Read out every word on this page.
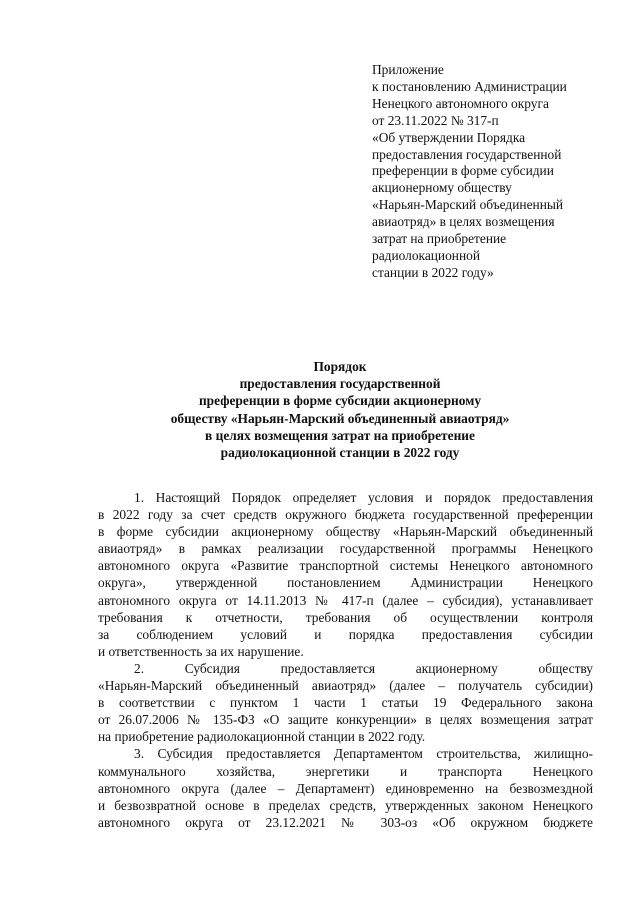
Приложение
к постановлению Администрации
Ненецкого автономного округа
от 23.11.2022 № 317-п
«Об утверждении Порядка
предоставления государственной
преференции в форме субсидии
акционерному обществу
«Нарьян-Марский объединенный
авиаотряд» в целях возмещения
затрат на приобретение
радиолокационной
станции в 2022 году»
Порядок
предоставления государственной
преференции в форме субсидии акционерному
обществу «Нарьян-Марский объединенный авиаотряд»
в целях возмещения затрат на приобретение
радиолокационной станции в 2022 году
1. Настоящий Порядок определяет условия и порядок предоставления
в 2022 году за счет средств окружного бюджета государственной преференции
в форме субсидии акционерному обществу «Нарьян-Марский объединенный
авиаотряд» в рамках реализации государственной программы Ненецкого
автономного округа «Развитие транспортной системы Ненецкого автономного
округа», утвержденной постановлением Администрации Ненецкого
автономного округа от 14.11.2013 № 417-п (далее – субсидия), устанавливает
требования к отчетности, требования об осуществлении контроля
за соблюдением условий и порядка предоставления субсидии
и ответственность за их нарушение.
2. Субсидия предоставляется акционерному обществу
«Нарьян-Марский объединенный авиаотряд» (далее – получатель субсидии)
в соответствии с пунктом 1 части 1 статьи 19 Федерального закона
от 26.07.2006 № 135-ФЗ «О защите конкуренции» в целях возмещения затрат
на приобретение радиолокационной станции в 2022 году.
3. Субсидия предоставляется Департаментом строительства, жилищно-
коммунального хозяйства, энергетики и транспорта Ненецкого
автономного округа (далее – Департамент) единовременно на безвозмездной
и безвозвратной основе в пределах средств, утвержденных законом Ненецкого
автономного округа от 23.12.2021 № 303-оз «Об окружном бюджете
